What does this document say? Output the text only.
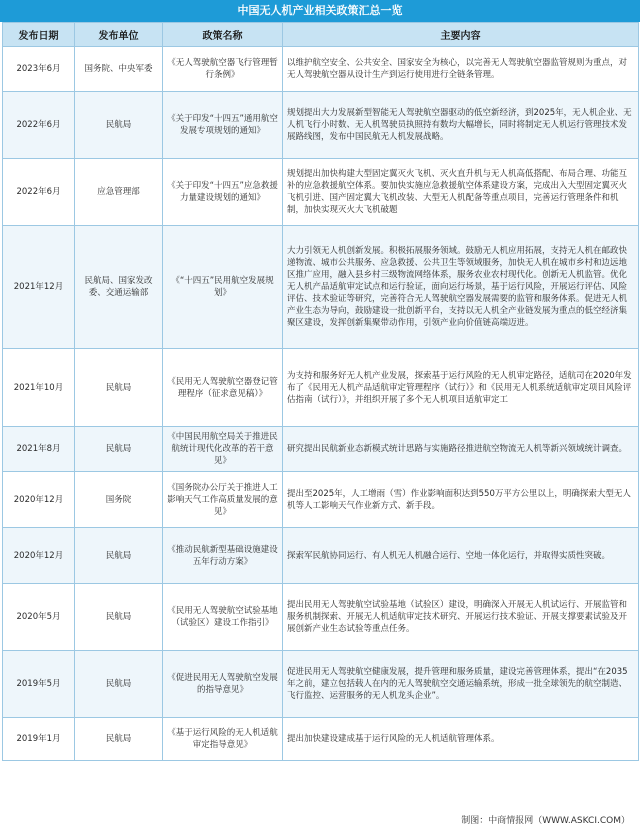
中国无人机产业相关政策汇总一览
发布日期	发布单位	政策名称	主要内容
2023年6月	国务院、中央军委	《无人驾驶航空器飞行管理暂行条例》	以维护航空安全、公共安全、国家安全为核心，以完善无人驾驶航空器监管规则为重点，对无人驾驶航空器从设计生产到运行使用进行全链条管理。
2022年6月	民航局	《关于印发“十四五”通用航空发展专项规划的通知》	规划提出大力发展新型智能无人驾驶航空器驱动的低空新经济，到2025年，无人机企业、无人机飞行小时数、无人机驾驶员执照持有数均大幅增长，同时将制定无人机运行管理技术发展路线图，发布中国民航无人机发展战略。
2022年6月	应急管理部	《关于印发“十四五”应急救援力量建设规划的通知》	规划提出加快构建大型固定翼灭火飞机、灭火直升机与无人机高低搭配、布局合理、功能互补的应急救援航空体系。要加快实施应急救援航空体系建设方案，完成出入大型固定翼灭火飞机引进、国产固定翼大飞机改装、大型无人机配备等重点项目，完善运行管理条件和机制，加快实现灭火大飞机破题
2021年12月	民航局、国家发改委、交通运输部	《“十四五”民用航空发展规划》	大力引领无人机创新发展。积极拓展服务领域。鼓励无人机应用拓展，支持无人机在邮政快递物流、城市公共服务、应急救援、公共卫生等领域服务，加快无人机在城市乡村和边远地区推广应用，融入县乡村三级物流网络体系，服务农业农村现代化。创新无人机监管。优化无人机产品适航审定试点和运行验证，面向运行场景，基于运行风险，开展运行评估、风险评估、技术验证等研究，完善符合无人驾驶航空器发展需要的监管和服务体系。促进无人机产业生态为导向，鼓励建设一批创新平台，支持以无人机全产业链发展为重点的低空经济集聚区建设，发挥创新集聚带动作用，引领产业向价值链高端迈进。
2021年10月	民航局	《民用无人驾驶航空器登记管理程序（征求意见稿）》	为支持和服务好无人机产业发展，探索基于运行风险的无人机审定路径，适航司在2020年发布了《民用无人机产品适航审定管理程序（试行）》和《民用无人机系统适航审定项目风险评估指南（试行）》，并组织开展了多个无人机项目适航审定工
2021年8月	民航局	《中国民用航空局关于推进民航统计现代化改革的若干意见》	研究提出民航新业态新模式统计思路与实施路径推进航空物流无人机等新兴领域统计调查。
2020年12月	国务院	《国务院办公厅关于推进人工影响天气工作高质量发展的意见》	提出至2025年，人工增雨（雪）作业影响面积达到550万平方公里以上，明确探索大型无人机等人工影响天气作业新方式、新手段。
2020年12月	民航局	《推动民航新型基础设施建设五年行动方案》	探索军民航协同运行、有人机无人机融合运行、空地一体化运行，并取得实质性突破。
2020年5月	民航局	《民用无人驾驶航空试验基地（试验区）建设工作指引》	提出民用无人驾驶航空试验基地（试验区）建设，明确深入开展无人机试运行、开展监管和服务机制探索、开展无人机适航审定技术研究、开展运行技术验证、开展支撑要素试验及开展创新产业生态试验等重点任务。
2019年5月	民航局	《促进民用无人驾驶航空发展的指导意见》	促进民用无人驾驶航空健康发展，提升管理和服务质量，建设完善管理体系，提出“在2035年之前，建立包括载人在内的无人驾驶航空交通运输系统，形成一批全球领先的航空制造、飞行监控、运营服务的无人机龙头企业”。
2019年1月	民航局	《基于运行风险的无人机适航审定指导意见》	提出加快建设建成基于运行风险的无人机适航管理体系。
制图：中商情报网（WWW.ASKCI.COM）
